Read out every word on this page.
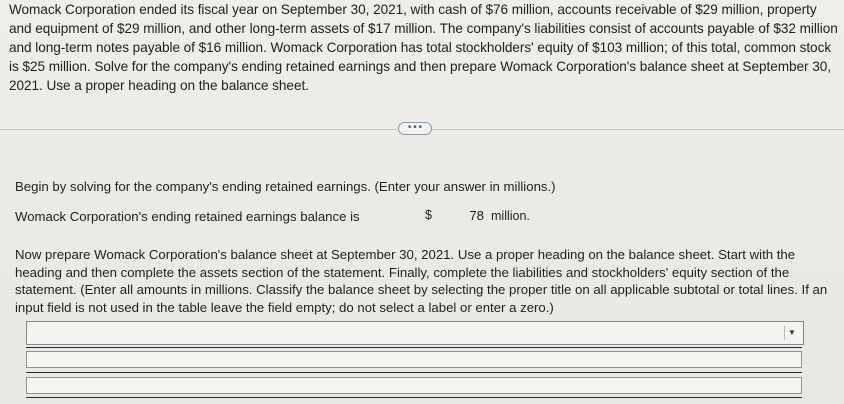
Womack Corporation ended its fiscal year on September 30, 2021, with cash of $76 million, accounts receivable of $29 million, property and equipment of $29 million, and other long-term assets of $17 million. The company's liabilities consist of accounts payable of $32 million and long-term notes payable of $16 million. Womack Corporation has total stockholders' equity of $103 million; of this total, common stock is $25 million. Solve for the company's ending retained earnings and then prepare Womack Corporation's balance sheet at September 30, 2021. Use a proper heading on the balance sheet.
•••
Begin by solving for the company's ending retained earnings. (Enter your answer in millions.)
Womack Corporation's ending retained earnings balance is	$
78	million.
Now prepare Womack Corporation's balance sheet at September 30, 2021. Use a proper heading on the balance sheet. Start with the heading and then complete the assets section of the statement. Finally, complete the liabilities and stockholders' equity section of the statement. (Enter all amounts in millions. Classify the balance sheet by selecting the proper title on all applicable subtotal or total lines. If an input field is not used in the table leave the field empty; do not select a label or enter a zero.)
▼
